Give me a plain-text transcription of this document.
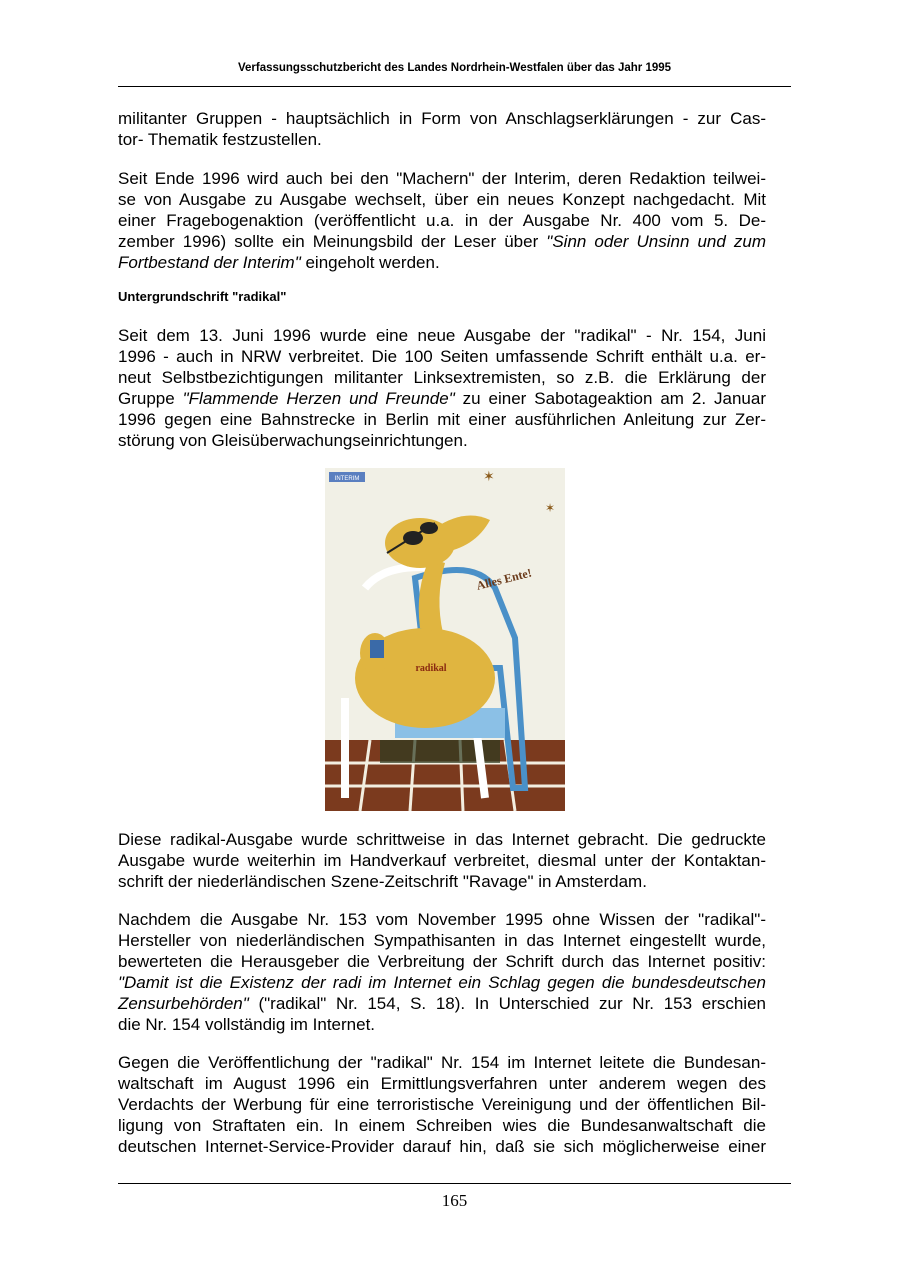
Verfassungsschutzbericht des Landes Nordrhein-Westfalen über das Jahr 1995
militanter Gruppen - hauptsächlich in Form von Anschlagserklärungen - zur Cas-
tor- Thematik festzustellen.
Seit Ende 1996 wird auch bei den "Machern" der Interim, deren Redaktion teilwei-
se von Ausgabe zu Ausgabe wechselt, über ein neues Konzept nachgedacht. Mit
einer Fragebogenaktion (veröffentlicht u.a. in der Ausgabe Nr. 400 vom 5. De-
zember 1996) sollte ein Meinungsbild der Leser über "Sinn oder Unsinn und zum
Fortbestand der Interim" eingeholt werden.
Untergrundschrift "radikal"
Seit dem 13. Juni 1996 wurde eine neue Ausgabe der "radikal" - Nr. 154, Juni
1996 - auch in NRW verbreitet. Die 100 Seiten umfassende Schrift enthält u.a. er-
neut Selbstbezichtigungen militanter Linksextremisten, so z.B. die Erklärung der
Gruppe "Flammende Herzen und Freunde" zu einer Sabotageaktion am 2. Januar
1996 gegen eine Bahnstrecke in Berlin mit einer ausführlichen Anleitung zur Zer-
störung von Gleisüberwachungseinrichtungen.
INTERIM	✶
✶
Alles Ente!
radikal
Diese radikal-Ausgabe wurde schrittweise in das Internet gebracht. Die gedruckte
Ausgabe wurde weiterhin im Handverkauf verbreitet, diesmal unter der Kontaktan-
schrift der niederländischen Szene-Zeitschrift "Ravage" in Amsterdam.
Nachdem die Ausgabe Nr. 153 vom November 1995 ohne Wissen der "radikal"-
Hersteller von niederländischen Sympathisanten in das Internet eingestellt wurde,
bewerteten die Herausgeber die Verbreitung der Schrift durch das Internet positiv:
"Damit ist die Existenz der radi im Internet ein Schlag gegen die bundesdeutschen
Zensurbehörden" ("radikal" Nr. 154, S. 18). In Unterschied zur Nr. 153 erschien
die Nr. 154 vollständig im Internet.
Gegen die Veröffentlichung der "radikal" Nr. 154 im Internet leitete die Bundesan-
waltschaft im August 1996 ein Ermittlungsverfahren unter anderem wegen des
Verdachts der Werbung für eine terroristische Vereinigung und der öffentlichen Bil-
ligung von Straftaten ein. In einem Schreiben wies die Bundesanwaltschaft die
deutschen Internet-Service-Provider darauf hin, daß sie sich möglicherweise einer
165
